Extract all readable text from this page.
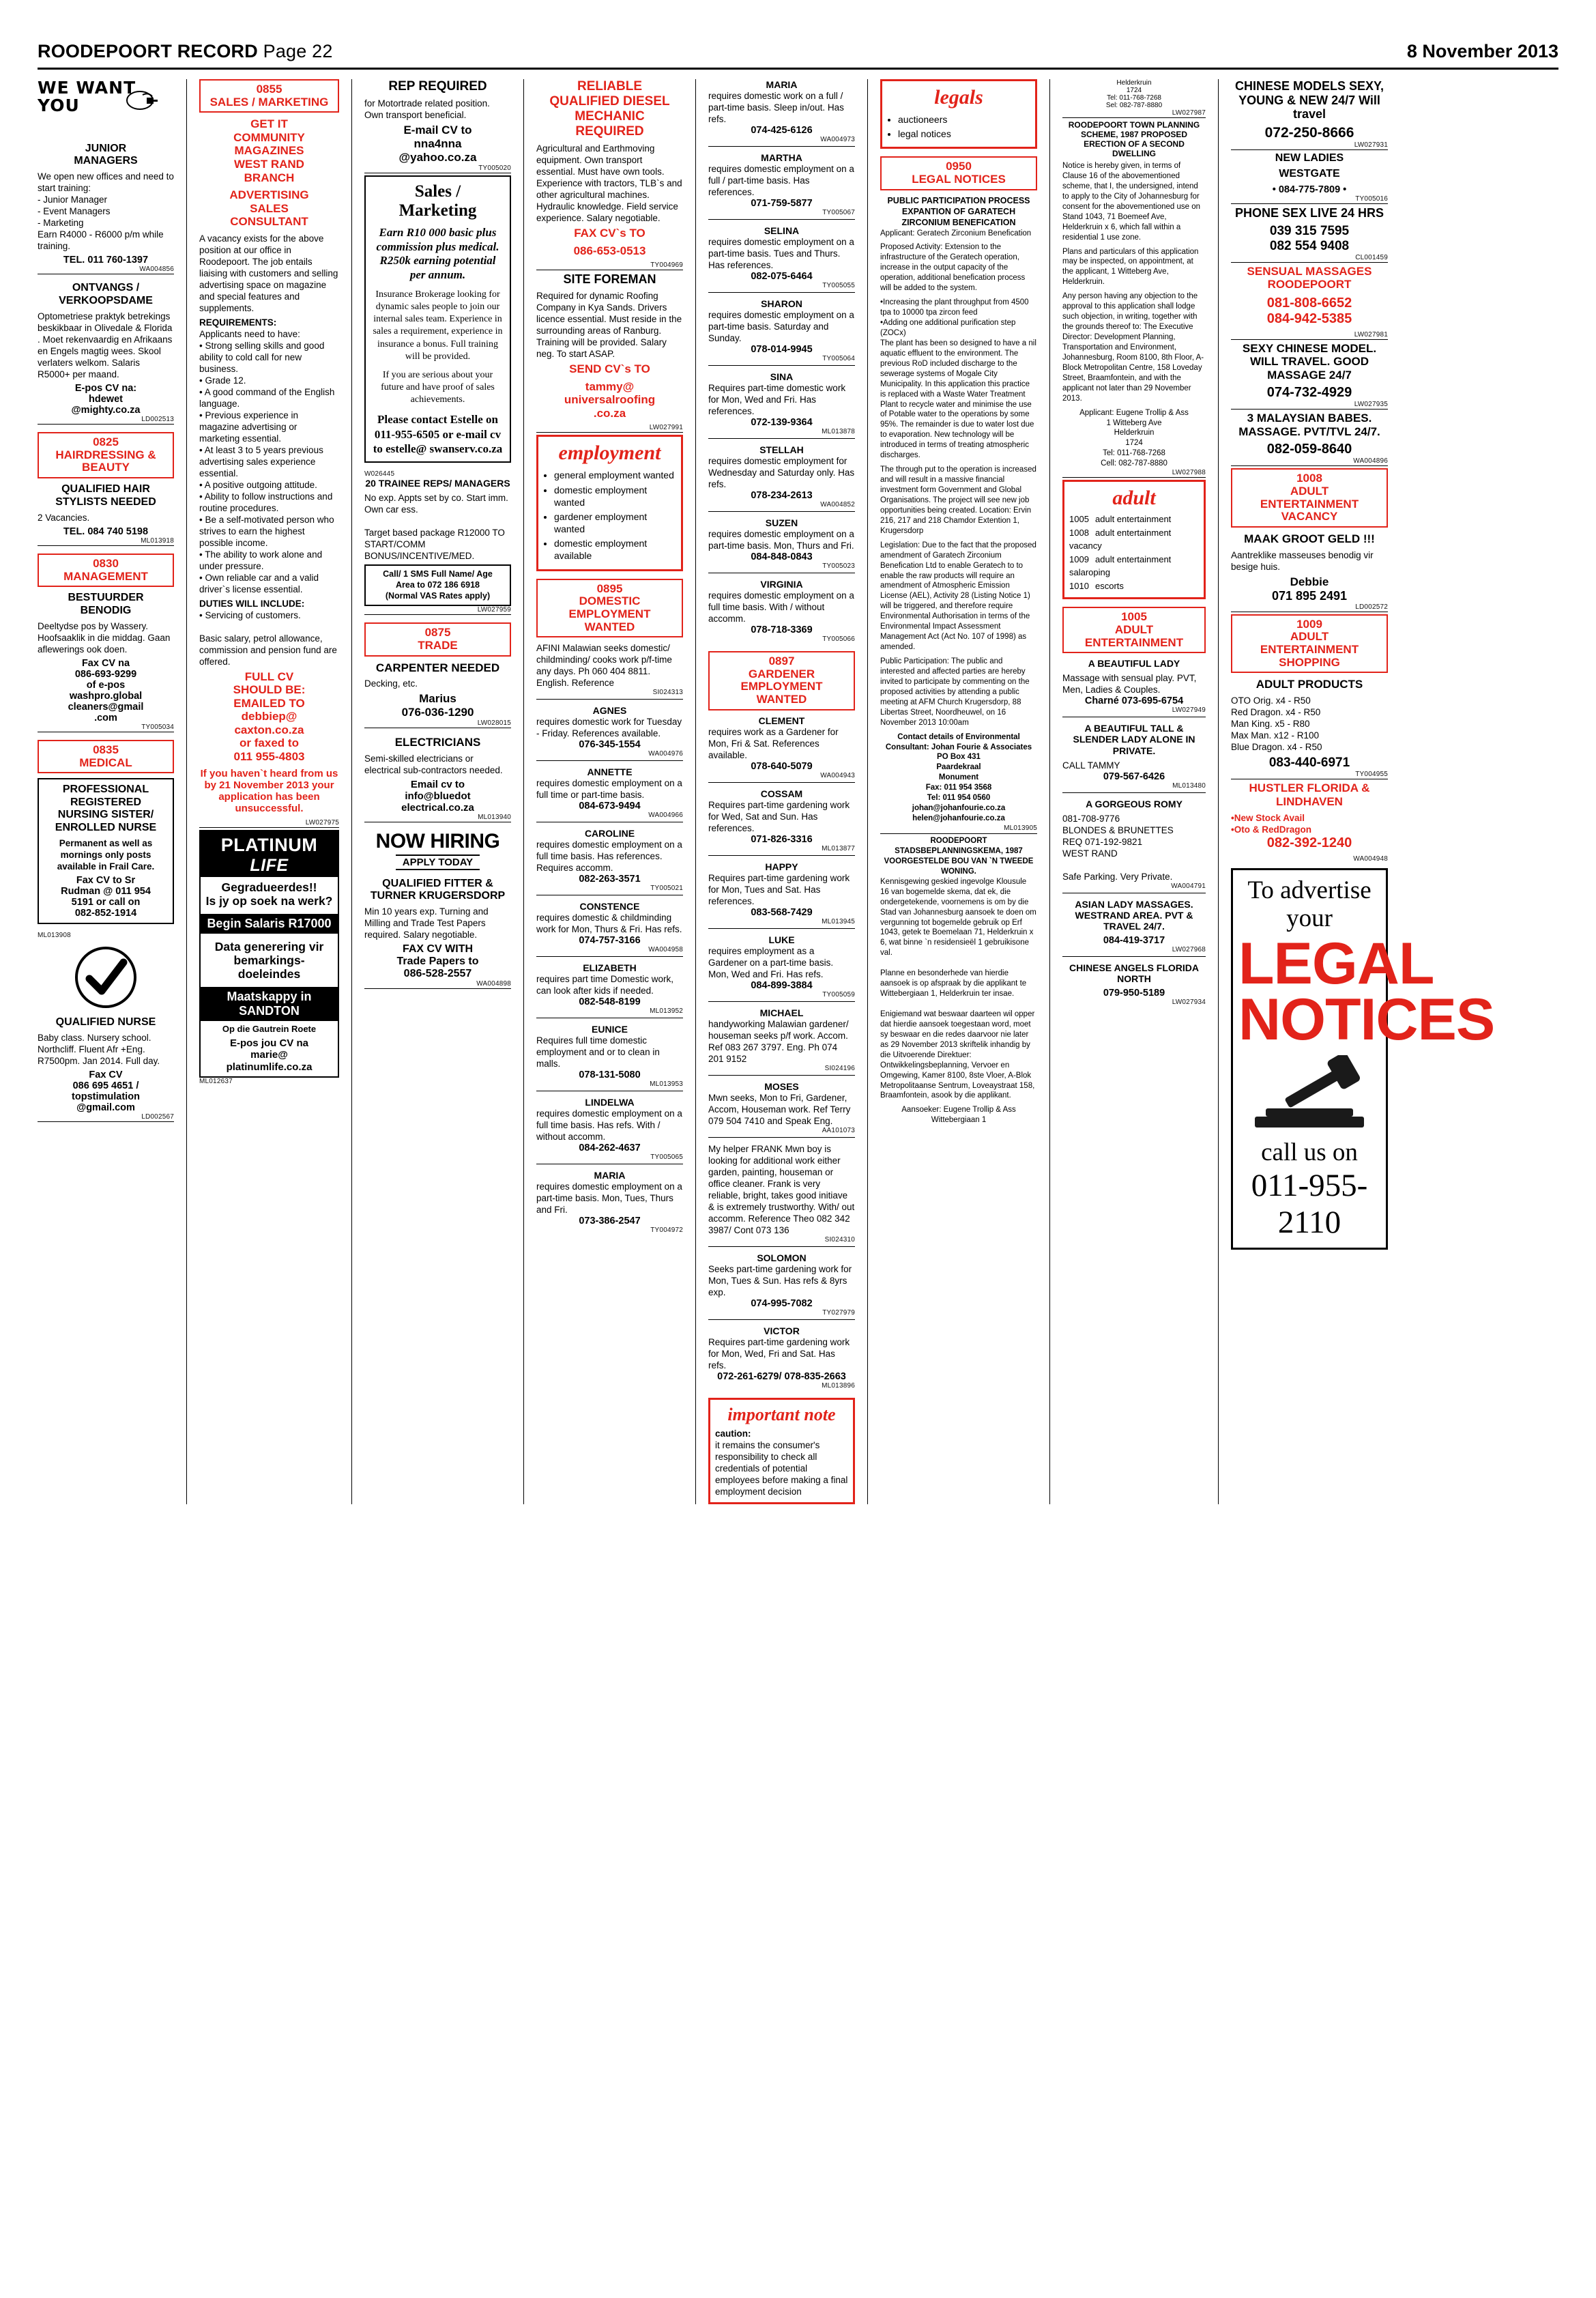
ROODEPOORT RECORD Page 22	8 November 2013
WE WANT
YOU
JUNIOR
MANAGERS
We open new offices and need to start training:
- Junior Manager
- Event Managers
- Marketing
Earn R4000 - R6000 p/m while training.
TEL. 011 760-1397
WA004856
ONTVANGS /
VERKOOPSDAME
Optometriese praktyk betrekings beskikbaar in Olivedale & Florida . Moet rekenvaardig en Afrikaans en Engels magtig wees. Skool verlaters welkom. Salaris R5000+ per maand.
E-pos CV na:
hdewet
@mighty.co.za
LD002513
0825
HAIRDRESSING &
BEAUTY
QUALIFIED HAIR
STYLISTS NEEDED
2 Vacancies.
TEL. 084 740 5198
ML013918
0830
MANAGEMENT
BESTUURDER
BENODIG
Deeltydse pos by Wassery. Hoofsaaklik in die middag. Gaan aflewerings ook doen.
Fax CV na
086-693-9299
of e-pos
washpro.global
cleaners@gmail
.com
TY005034
0835
MEDICAL
PROFESSIONAL
REGISTERED
NURSING SISTER/
ENROLLED NURSE
Permanent as well as mornings only posts available in Frail Care.
Fax CV to Sr
Rudman @ 011 954
5191 or call on
082-852-1914
ML013908
QUALIFIED NURSE
Baby class. Nursery school. Northcliff. Fluent Afr +Eng. R7500pm. Jan 2014. Full day.
Fax CV
086 695 4651 /
topstimulation
@gmail.com
LD002567
0855
SALES / MARKETING
GET IT
COMMUNITY
MAGAZINES
WEST RAND
BRANCH
ADVERTISING
SALES
CONSULTANT
A vacancy exists for the above position at our office in Roodepoort. The job entails liaising with customers and selling advertising space on magazine and special features and supplements.
REQUIREMENTS:
Applicants need to have:
• Strong selling skills and good ability to cold call for new business.
• Grade 12.
• A good command of the English language.
• Previous experience in magazine advertising or marketing essential.
• At least 3 to 5 years previous advertising sales experience essential.
• A positive outgoing attitude.
• Ability to follow instructions and routine procedures.
• Be a self-motivated person who strives to earn the highest possible income.
• The ability to work alone and under pressure.
• Own reliable car and a valid driver`s license essential.
DUTIES WILL INCLUDE:
• Servicing of customers.

Basic salary, petrol allowance, commission and pension fund are offered.
FULL CV
SHOULD BE:
EMAILED TO
debbiep@
caxton.co.za
or faxed to
011 955-4803
If you haven`t heard from us by 21 November 2013 your application has been unsuccessful.
LW027975
PLATINUM
LIFE
Gegradueerdes!!
Is jy op soek na werk?
Begin Salaris R17000
Data generering vir bemarkings-doeleindes
Maatskappy in SANDTON
Op die Gautrein Roete
E-pos jou CV na
marie@
platinumlife.co.za
ML012637
REP REQUIRED
for Motortrade related position. Own transport beneficial.
E-mail CV to
nna4nna
@yahoo.co.za
TY005020
Sales /
Marketing
Earn R10 000 basic plus commission plus medical. R250k earning potential per annum.

Insurance Brokerage looking for dynamic sales people to join our internal sales team. Experience in sales a requirement, experience in insurance a bonus. Full training will be provided.

If you are serious about your future and have proof of sales achievements.

Please contact Estelle on 011-955-6505 or e-mail cv to estelle@ swanserv.co.za
W026445
20 TRAINEE REPS/ MANAGERS
No exp. Appts set by co. Start imm. Own car ess.

Target based package R12000 TO START/COMM BONUS/INCENTIVE/MED.
Call/ 1 SMS Full Name/ Age
Area to 072 186 6918
(Normal VAS Rates apply)
LW027959
0875
TRADE
CARPENTER NEEDED
Decking, etc.
Marius
076-036-1290
LW028015
ELECTRICIANS
Semi-skilled electricians or electrical sub-contractors needed.
Email cv to
info@bluedot
electrical.co.za
ML013940
NOW HIRING
APPLY TODAY
QUALIFIED FITTER & TURNER KRUGERSDORP
Min 10 years exp. Turning and Milling and Trade Test Papers required. Salary negotiable.
FAX CV WITH
Trade Papers to
086-528-2557
WA004898
RELIABLE
QUALIFIED DIESEL
MECHANIC
REQUIRED
Agricultural and Earthmoving equipment. Own transport essential. Must have own tools. Experience with tractors, TLB`s and other agricultural machines. Hydraulic knowledge. Field service experience. Salary negotiable.
FAX CV`s TO
086-653-0513
TY004969
SITE FOREMAN
Required for dynamic Roofing Company in Kya Sands. Drivers licence essential. Must reside in the surrounding areas of Ranburg. Training will be provided. Salary neg. To start ASAP.
SEND CV`s TO
tammy@
universalroofing
.co.za
LW027991
employment
• general employment wanted
• domestic employment wanted
• gardener employment wanted
• domestic employment available
0895
DOMESTIC
EMPLOYMENT
WANTED
AFINI Malawian seeks domestic/ childminding/ cooks work p/f-time any days. Ph 060 404 8811. English. Reference
SI024313
AGNES
requires domestic work for Tuesday - Friday. References available.
076-345-1554
WA004976
ANNETTE
requires domestic employment on a full time or part-time basis.
084-673-9494
WA004966
CAROLINE
requires domestic employment on a full time basis. Has references. Requires accomm.
082-263-3571
TY005021
CONSTENCE
requires domestic & childminding work for Mon, Thurs & Fri. Has refs.
074-757-3166
WA004958
ELIZABETH
requires part time Domestic work, can look after kids if needed.
082-548-8199
ML013952
EUNICE
Requires full time domestic employment and or to clean in malls.
078-131-5080
ML013953
LINDELWA
requires domestic employment on a full time basis. Has refs. With / without accomm.
084-262-4637
TY005065
MARIA
requires domestic employment on a part-time basis. Mon, Tues, Thurs and Fri.
073-386-2547
TY004972
MARIA
requires domestic work on a full / part-time basis. Sleep in/out. Has refs.
074-425-6126
WA004973
MARTHA
requires domestic employment on a full / part-time basis. Has references.
071-759-5877
TY005067
SELINA
requires domestic employment on a part-time basis. Tues and Thurs. Has references.
082-075-6464
TY005055
SHARON
requires domestic employment on a part-time basis. Saturday and Sunday.
078-014-9945
TY005064
SINA
Requires part-time domestic work for Mon, Wed and Fri. Has references.
072-139-9364
ML013878
STELLAH
requires domestic employment for Wednesday and Saturday only. Has refs.
078-234-2613
WA004852
SUZEN
requires domestic employment on a part-time basis. Mon, Thurs and Fri.
084-848-0843
TY005023
VIRGINIA
requires domestic employment on a full time basis. With / without accomm.
078-718-3369
TY005066
0897
GARDENER
EMPLOYMENT
WANTED
CLEMENT
requires work as a Gardener for Mon, Fri & Sat. References available.
078-640-5079
WA004943
COSSAM
Requires part-time gardening work for Wed, Sat and Sun. Has references.
071-826-3316
ML013877
HAPPY
Requires part-time gardening work for Mon, Tues and Sat. Has references.
083-568-7429
ML013945
LUKE
requires employment as a Gardener on a part-time basis. Mon, Wed and Fri. Has refs.
084-899-3884
TY005059
MICHAEL
handyworking Malawian gardener/ houseman seeks p/f work. Accom. Ref 083 267 3797. Eng. Ph 074 201 9152
SI024196
MOSES
Mwn seeks, Mon to Fri, Gardener, Accom, Houseman work. Ref Terry 079 504 7410 and Speak Eng.
AA101073
My helper FRANK Mwn boy is looking for additional work either garden, painting, houseman or office cleaner. Frank is very reliable, bright, takes good initiave & is extremely trustworthy. With/ out accomm. Reference Theo 082 342 3987/ Cont 073 136
SI024310
SOLOMON
Seeks part-time gardening work for Mon, Tues & Sun. Has refs & 8yrs exp.
074-995-7082
TY027979
VICTOR
Requires part-time gardening work for Mon, Wed, Fri and Sat. Has refs.
072-261-6279/ 078-835-2663
ML013896
important note
caution:
it remains the consumer's responsibility to check all credentials of potential employees before making a final employment decision
legals
• auctioneers
• legal notices
0950
LEGAL NOTICES
PUBLIC PARTICIPATION PROCESS EXPANTION OF GARATECH ZIRCONIUM BENEFICATION

Applicant: Geratech Zirconium Benefication

Proposed Activity: Extension to the infrastructure of the Geratech operation, increase in the output capacity of the operation, additional benefication process will be added to the system.

•Increasing the plant throughput from 4500 tpa to 10000 tpa zircon feed
•Adding one additional purification step (ZOCx)
The plant has been so designed to have a nil aquatic effluent to the environment. The previous RoD included discharge to the sewerage systems of Mogale City Municipality. In this application this practice is replaced with a Waste Water Treatment Plant to recycle water and minimise the use of Potable water to the operations by some 95%. The remainder is due to water lost due to evaporation. New technology will be introduced in terms of treating atmospheric discharges.

The through put to the operation is increased and will result in a massive financial investment form Government and Global Organisations. The project will see new job opportunities being created. Location: Ervin 216, 217 and 218 Chamdor Extention 1, Krugersdorp

Legislation: Due to the fact that the proposed amendment of Garatech Zirconium Benefication Ltd to enable Geratech to to enable the raw products will require an amendment of Atmospheric Emission License (AEL), Activity 28 (Listing Notice 1) will be triggered, and therefore require Environmental Authorisation in terms of the Environmental Impact Assessment Management Act (Act No. 107 of 1998) as amended.

Public Participation: The public and interested and affected parties are hereby invited to participate by commenting on the proposed activities by attending a public meeting at AFM Church Krugersdorp, 88 Libertas Street, Noordheuwel, on 16 November 2013 10:00am

Contact details of Environmental Consultant: Johan Fourie & Associates
PO Box 431
Paardekraal
Monument
Fax: 011 954 3568
Tel: 011 954 0560
johan@johanfourie.co.za
helen@johanfourie.co.za
ML013905
ROODEPOORT STADSBEPLANNINGSKEMA, 1987
VOORGESTELDE BOU VAN `N TWEEDE WONING.

Kennisgewing geskied ingevolge Klousule 16 van bogemelde skema, dat ek, die ondergetekende, voornemens is om by die Stad van Johannesburg aansoek te doen om vergunning tot bogemelde gebruik op Erf 1043, getek te Boemelaan 71, Helderkruin x 6, wat binne `n residensieël 1 gebruikisone val.

Planne en besonderhede van hierdie aansoek is op afspraak by die applikant te Wittebergiaan 1, Helderkruin ter insae.

Enigiemand wat beswaar daarteen wil opper dat hierdie aansoek toegestaan word, moet sy beswaar en die redes daarvoor nie later as 29 November 2013 skriftelik inhandig by die Uitvoerende Direktuer: Ontwikkelingsbeplanning, Vervoer en Omgewing, Kamer 8100, 8ste Vloer, A-Blok Metropolitaanse Sentrum, Loveaystraat 158, Braamfontein, asook by die applikant.

Aansoeker: Eugene Trollip & Ass
Wittebergiaan 1
Helderkruin
1724
Tel: 011-768-7268
Sel: 082-787-8880
LW027987
ROODEPOORT TOWN PLANNING SCHEME, 1987 PROPOSED ERECTION OF A SECOND DWELLING

Notice is hereby given, in terms of Clause 16 of the abovementioned scheme, that I, the undersigned, intend to apply to the City of Johannesburg for consent for the abovementioned use on Stand 1043, 71 Boemeef Ave, Helderkruin x 6, which fall within a residential 1 use zone.

Plans and particulars of this application may be inspected, on appointment, at the applicant, 1 Witteberg Ave, Helderkruin.

Any person having any objection to the approval to this application shall lodge such objection, in writing, together with the grounds thereof to: The Executive Director: Development Planning, Transportation and Environment, Johannesburg, Room 8100, 8th Floor, A-Block Metropolitan Centre, 158 Loveday Street, Braamfontein, and with the applicant not later than 29 November 2013.

Applicant: Eugene Trollip & Ass
1 Witteberg Ave
Helderkruin
1724
Tel: 011-768-7268
Cell: 082-787-8880
LW027988
adult
1005 adult entertainment
1008 adult entertainment vacancy
1009 adult entertainment salaroping
1010 escorts
1005
ADULT
ENTERTAINMENT
A BEAUTIFUL LADY
Massage with sensual play. PVT, Men, Ladies & Couples.
Charné 073-695-6754
LW027949
A BEAUTIFUL TALL & SLENDER LADY ALONE IN PRIVATE.
CALL TAMMY
079-567-6426
ML013480
A GORGEOUS ROMY
081-708-9776
BLONDES & BRUNETTES
REQ 071-192-9821
WEST RAND

Safe Parking. Very Private.
WA004791
ASIAN LADY MASSAGES. WESTRAND AREA. PVT & TRAVEL 24/7.
084-419-3717
LW027968
CHINESE ANGELS FLORIDA NORTH
079-950-5189
LW027934
CHINESE MODELS SEXY, YOUNG & NEW 24/7 Will travel
072-250-8666
LW027931
NEW LADIES
WESTGATE
• 084-775-7809 •
TY005016
PHONE SEX LIVE 24 HRS
039 315 7595
082 554 9408
CL001459
SENSUAL MASSAGES ROODEPOORT
081-808-6652
084-942-5385
LW027981
SEXY CHINESE MODEL. WILL TRAVEL. GOOD MASSAGE 24/7
074-732-4929
LW027935
3 MALAYSIAN BABES. MASSAGE. PVT/TVL 24/7.
082-059-8640
WA004896
1008
ADULT
ENTERTAINMENT
VACANCY
MAAK GROOT GELD !!!
Aantreklike masseuses benodig vir besige huis.
Debbie
071 895 2491
LD002572
1009
ADULT
ENTERTAINMENT
SHOPPING
ADULT PRODUCTS
OTO Orig. x4 - R50
Red Dragon. x4 - R50
Man King. x5 - R80
Max Man. x12 - R100
Blue Dragon. x4 - R50
083-440-6971
TY004955
HUSTLER FLORIDA & LINDHAVEN
•New Stock Avail
•Oto & RedDragon
082-392-1240
WA004948
To advertise your
LEGAL
NOTICES
call us on
011-955-2110
